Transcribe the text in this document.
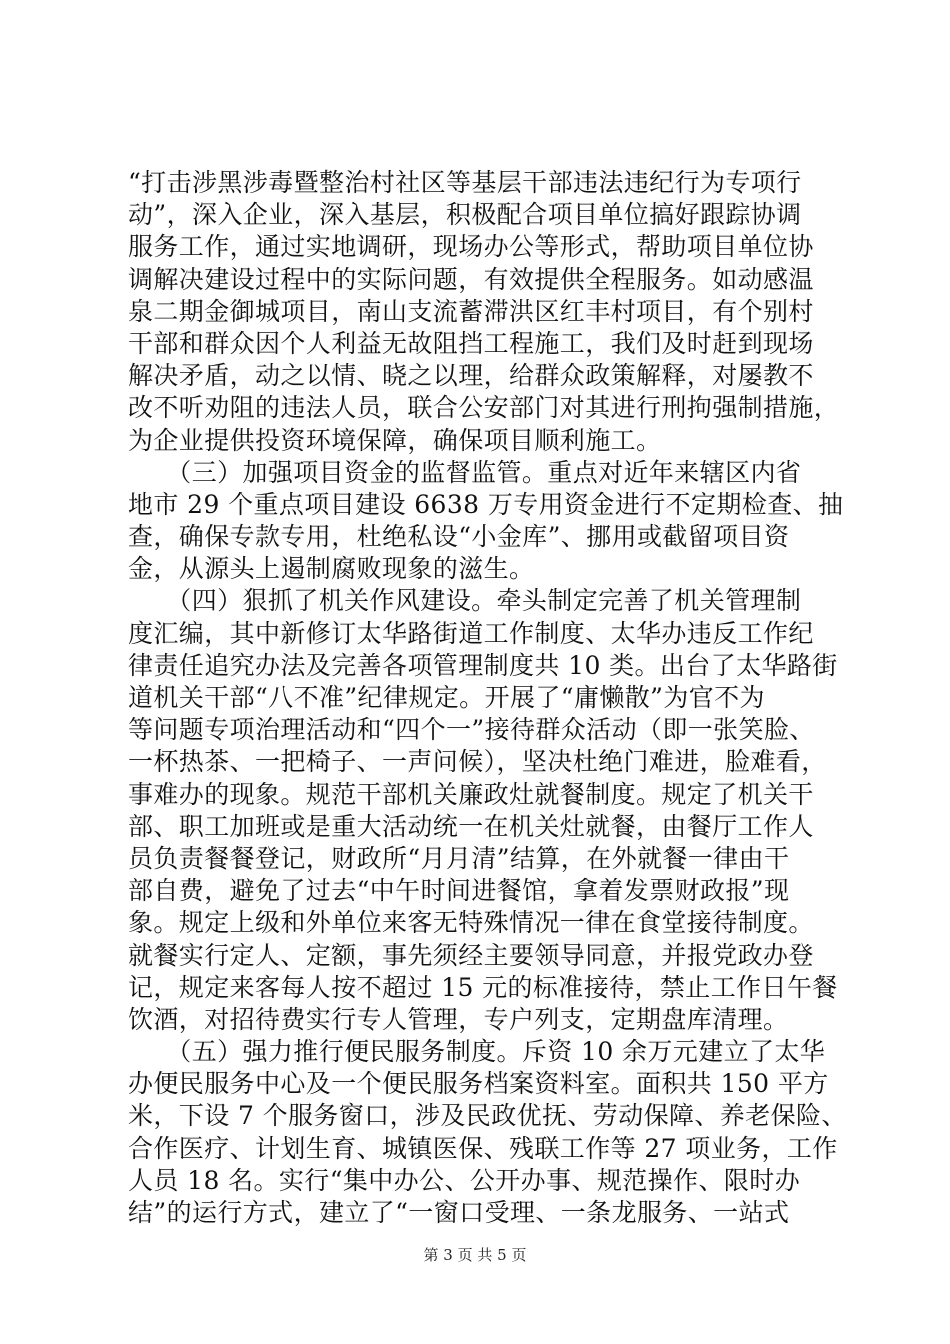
“打击涉黑涉毒暨整治村社区等基层干部违法违纪行为专项行
动”，深入企业，深入基层，积极配合项目单位搞好跟踪协调
服务工作，通过实地调研，现场办公等形式，帮助项目单位协
调解决建设过程中的实际问题，有效提供全程服务。如动感温
泉二期金御城项目，南山支流蓄滞洪区红丰村项目，有个别村
干部和群众因个人利益无故阻挡工程施工，我们及时赶到现场
解决矛盾，动之以情、晓之以理，给群众政策解释，对屡教不
改不听劝阻的违法人员，联合公安部门对其进行刑拘强制措施，
为企业提供投资环境保障，确保项目顺利施工。
　　（三）加强项目资金的监督监管。重点对近年来辖区内省
地市 29 个重点项目建设 6638 万专用资金进行不定期检查、抽
查，确保专款专用，杜绝私设“小金库”、挪用或截留项目资
金，从源头上遏制腐败现象的滋生。
　　（四）狠抓了机关作风建设。牵头制定完善了机关管理制
度汇编，其中新修订太华路街道工作制度、太华办违反工作纪
律责任追究办法及完善各项管理制度共 10 类。出台了太华路街
道机关干部“八不准”纪律规定。开展了“庸懒散”为官不为
等问题专项治理活动和“四个一”接待群众活动（即一张笑脸、
一杯热茶、一把椅子、一声问候），坚决杜绝门难进，脸难看，
事难办的现象。规范干部机关廉政灶就餐制度。规定了机关干
部、职工加班或是重大活动统一在机关灶就餐，由餐厅工作人
员负责餐餐登记，财政所“月月清”结算，在外就餐一律由干
部自费，避免了过去“中午时间进餐馆，拿着发票财政报”现
象。规定上级和外单位来客无特殊情况一律在食堂接待制度。
就餐实行定人、定额，事先须经主要领导同意，并报党政办登
记，规定来客每人按不超过 15 元的标准接待，禁止工作日午餐
饮酒，对招待费实行专人管理，专户列支，定期盘库清理。
　　（五）强力推行便民服务制度。斥资 10 余万元建立了太华
办便民服务中心及一个便民服务档案资料室。面积共 150 平方
米，下设 7 个服务窗口，涉及民政优抚、劳动保障、养老保险、
合作医疗、计划生育、城镇医保、残联工作等 27 项业务，工作
人员 18 名。实行“集中办公、公开办事、规范操作、限时办
结”的运行方式，建立了“一窗口受理、一条龙服务、一站式
第 3 页 共 5 页
